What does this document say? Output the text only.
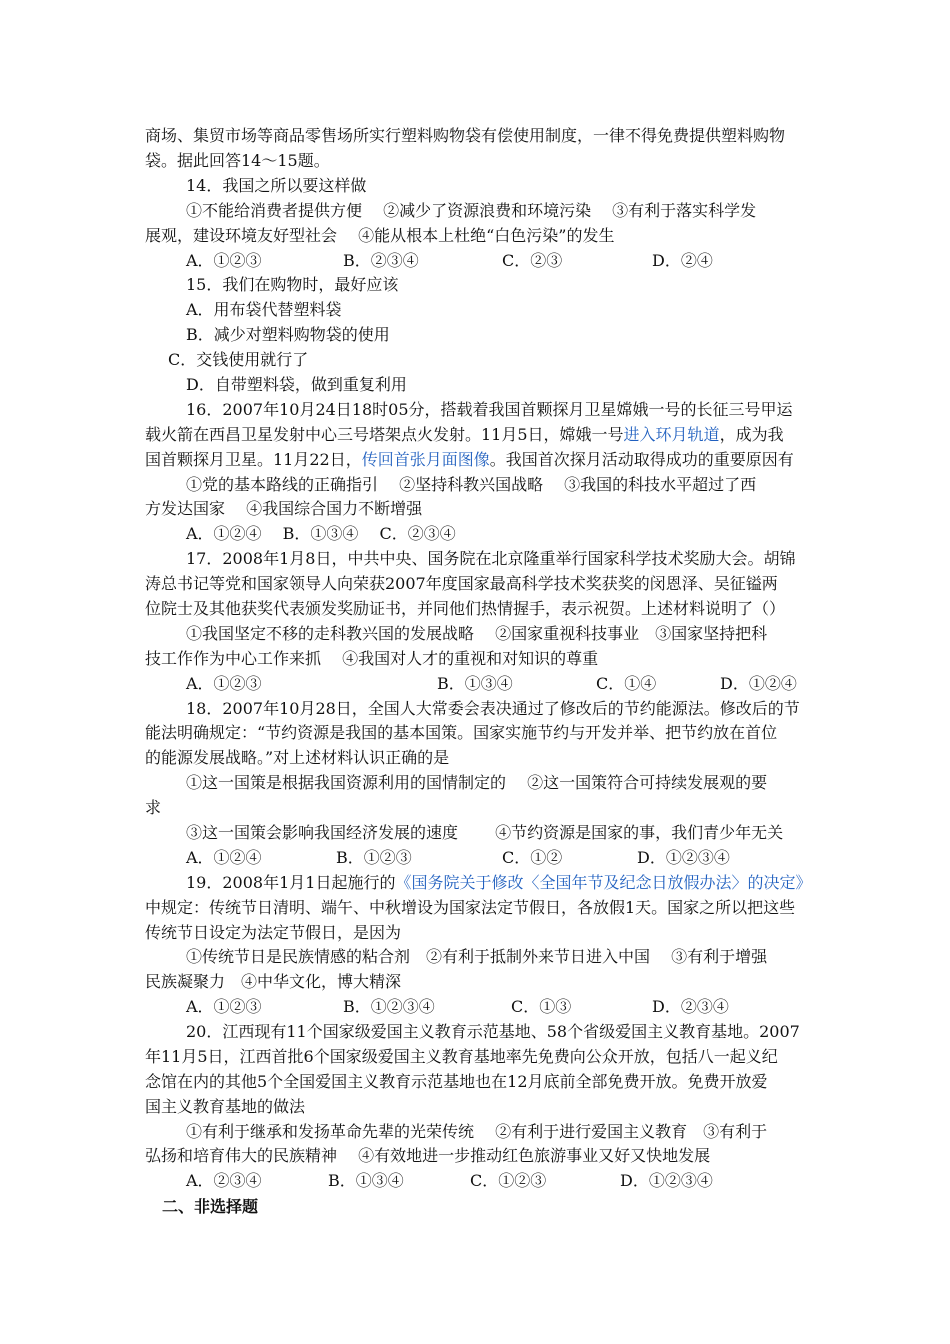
商场、集贸市场等商品零售场所实行塑料购物袋有偿使用制度，一律不得免费提供塑料购物
袋。据此回答14～15题。
14．我国之所以要这样做
①不能给消费者提供方便　 ②减少了资源浪费和环境污染　 ③有利于落实科学发
展观，建设环境友好型社会　 ④能从根本上杜绝“白色污染”的发生
A．①②③	B．②③④	C．②③	D．②④
15．我们在购物时，最好应该
A．用布袋代替塑料袋
B．减少对塑料购物袋的使用
C．交钱使用就行了
D．自带塑料袋，做到重复利用
16．2007年10月24日18时05分，搭载着我国首颗探月卫星嫦娥一号的长征三号甲运
载火箭在西昌卫星发射中心三号塔架点火发射。11月5日，嫦娥一号进入环月轨道，成为我
国首颗探月卫星。11月22日，传回首张月面图像。我国首次探月活动取得成功的重要原因有
①党的基本路线的正确指引　 ②坚持科教兴国战略　 ③我国的科技水平超过了西
方发达国家　 ④我国综合国力不断增强
A．①②④　 B．①③④　 C．②③④
17．2008年1月8日，中共中央、国务院在北京隆重举行国家科学技术奖励大会。胡锦
涛总书记等党和国家领导人向荣获2007年度国家最高科学技术奖获奖的闵恩泽、吴征镒两
位院士及其他获奖代表颁发奖励证书，并同他们热情握手，表示祝贺。上述材料说明了（）
①我国坚定不移的走科教兴国的发展战略　 ②国家重视科技事业　③国家坚持把科
技工作作为中心工作来抓　 ④我国对人才的重视和对知识的尊重
A．①②③	B．①③④	C．①④	D．①②④
18．2007年10月28日，全国人大常委会表决通过了修改后的节约能源法。修改后的节
能法明确规定：“节约资源是我国的基本国策。国家实施节约与开发并举、把节约放在首位
的能源发展战略。”对上述材料认识正确的是
①这一国策是根据我国资源利用的国情制定的　 ②这一国策符合可持续发展观的要
求
③这一国策会影响我国经济发展的速度　　 ④节约资源是国家的事，我们青少年无关
A．①②④	B．①②③	C．①②	D．①②③④
19．2008年1月1日起施行的《国务院关于修改〈全国年节及纪念日放假办法〉的决定》
中规定：传统节日清明、端午、中秋增设为国家法定节假日，各放假1天。国家之所以把这些
传统节日设定为法定节假日，是因为
①传统节日是民族情感的粘合剂　②有利于抵制外来节日进入中国　 ③有利于增强
民族凝聚力　④中华文化，博大精深
A．①②③	B．①②③④	C．①③	D．②③④
20．江西现有11个国家级爱国主义教育示范基地、58个省级爱国主义教育基地。2007
年11月5日，江西首批6个国家级爱国主义教育基地率先免费向公众开放，包括八一起义纪
念馆在内的其他5个全国爱国主义教育示范基地也在12月底前全部免费开放。免费开放爱
国主义教育基地的做法
①有利于继承和发扬革命先辈的光荣传统　 ②有利于进行爱国主义教育　③有利于
弘扬和培育伟大的民族精神　 ④有效地进一步推动红色旅游事业又好又快地发展
A．②③④	B．①③④	C．①②③	D．①②③④
二、非选择题
